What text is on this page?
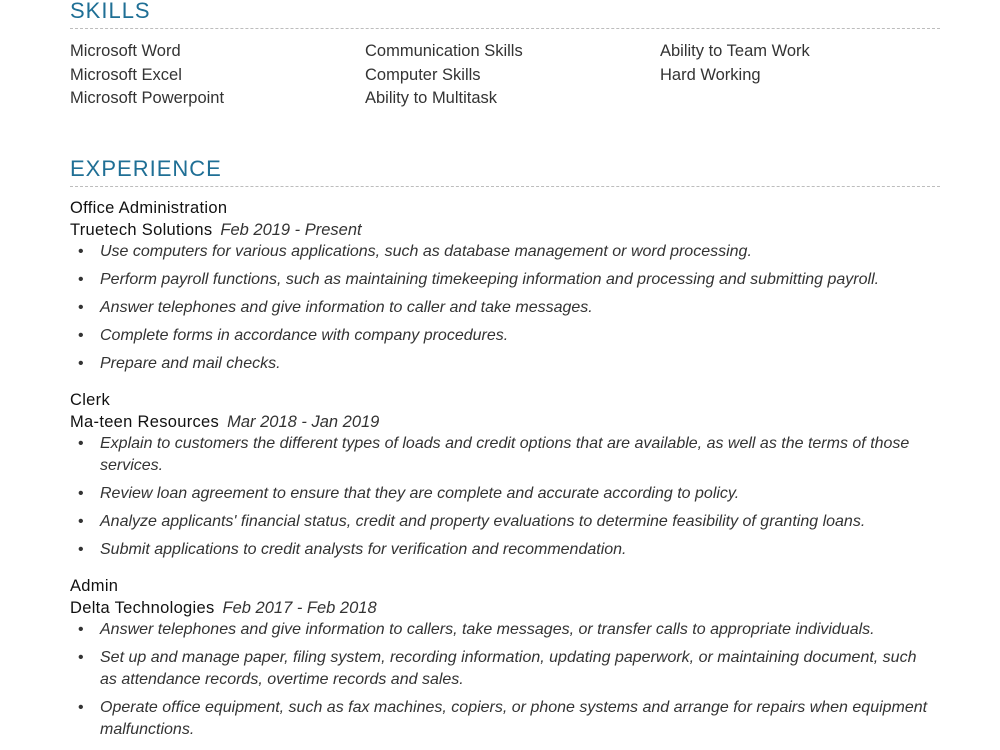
SKILLS
Microsoft Word
Microsoft Excel
Microsoft Powerpoint
Communication Skills
Computer Skills
Ability to Multitask
Ability to Team Work
Hard Working
EXPERIENCE
Office Administration
Truetech Solutions Feb 2019 - Present
• Use computers for various applications, such as database management or word processing.
• Perform payroll functions, such as maintaining timekeeping information and processing and submitting payroll.
• Answer telephones and give information to caller and take messages.
• Complete forms in accordance with company procedures.
• Prepare and mail checks.
Clerk
Ma-teen Resources Mar 2018 - Jan 2019
• Explain to customers the different types of loads and credit options that are available, as well as the terms of those services.
• Review loan agreement to ensure that they are complete and accurate according to policy.
• Analyze applicants' financial status, credit and property evaluations to determine feasibility of granting loans.
• Submit applications to credit analysts for verification and recommendation.
Admin
Delta Technologies Feb 2017 - Feb 2018
• Answer telephones and give information to callers, take messages, or transfer calls to appropriate individuals.
• Set up and manage paper, filing system, recording information, updating paperwork, or maintaining document, such as attendance records, overtime records and sales.
• Operate office equipment, such as fax machines, copiers, or phone systems and arrange for repairs when equipment malfunctions.
